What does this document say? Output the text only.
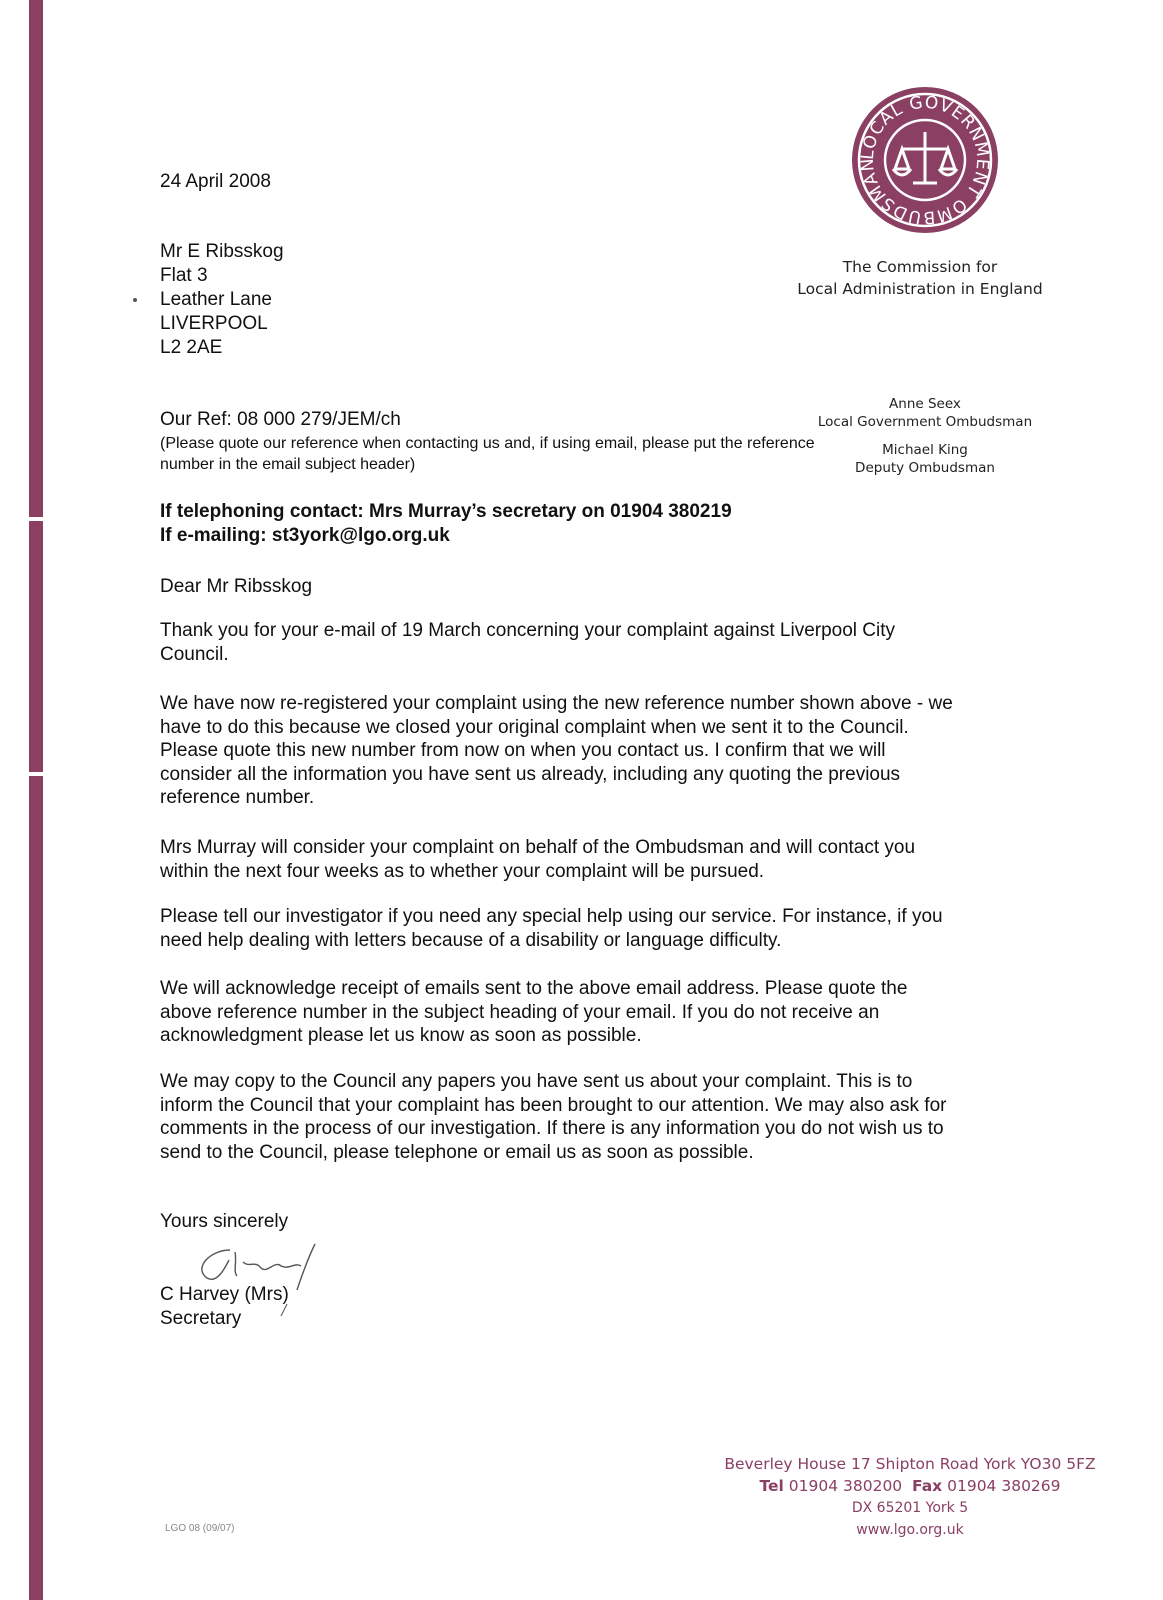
LOCAL GOVERNMENT OMBUDSMAN
The Commission for
Local Administration in England
Anne Seex
Local Government Ombudsman
Michael King
Deputy Ombudsman
24 April 2008
Mr E Ribsskog
Flat 3
Leather Lane
LIVERPOOL
L2 2AE
Our Ref: 08 000 279/JEM/ch
(Please quote our reference when contacting us and, if using email, please put the reference number in the email subject header)
If telephoning contact: Mrs Murray’s secretary on 01904 380219
If e-mailing: st3york@lgo.org.uk
Dear Mr Ribsskog
Thank you for your e-mail of 19 March concerning your complaint against Liverpool City Council.
We have now re-registered your complaint using the new reference number shown above - we have to do this because we closed your original complaint when we sent it to the Council. Please quote this new number from now on when you contact us. I confirm that we will consider all the information you have sent us already, including any quoting the previous reference number.
Mrs Murray will consider your complaint on behalf of the Ombudsman and will contact you within the next four weeks as to whether your complaint will be pursued.
Please tell our investigator if you need any special help using our service. For instance, if you need help dealing with letters because of a disability or language difficulty.
We will acknowledge receipt of emails sent to the above email address. Please quote the above reference number in the subject heading of your email. If you do not receive an acknowledgment please let us know as soon as possible.
We may copy to the Council any papers you have sent us about your complaint. This is to inform the Council that your complaint has been brought to our attention. We may also ask for comments in the process of our investigation. If there is any information you do not wish us to send to the Council, please telephone or email us as soon as possible.
Yours sincerely
C Harvey (Mrs)
Secretary
Beverley House 17 Shipton Road York YO30 5FZ
Tel 01904 380200 Fax 01904 380269
DX 65201 York 5
www.lgo.org.uk
LGO 08 (09/07)
